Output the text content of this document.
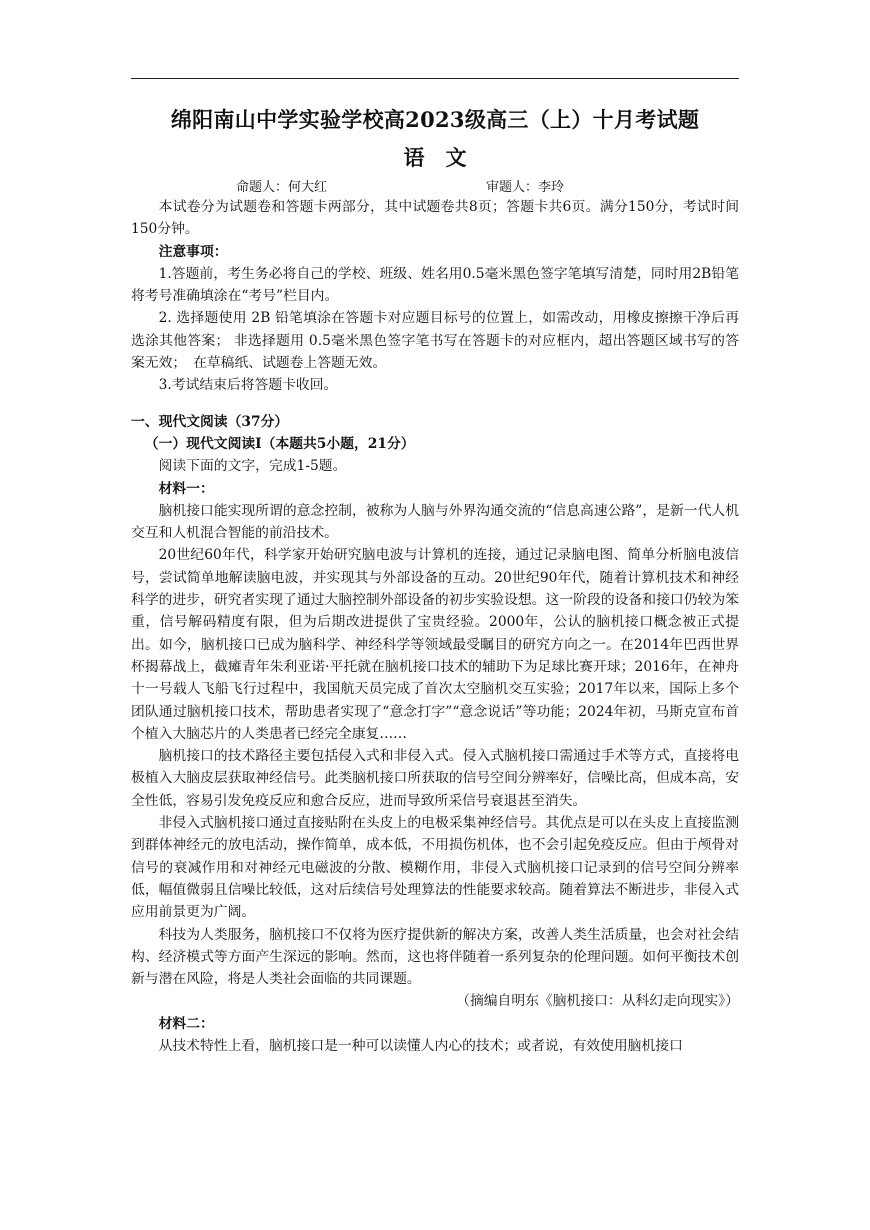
绵阳南山中学实验学校高2023级高三（上）十月考试题
语　文
命题人：何大红	审题人：李玲

本试卷分为试题卷和答题卡两部分，其中试题卷共8页；答题卡共6页。满分150分，考试时间150分钟。

注意事项：

1.答题前，考生务必将自己的学校、班级、姓名用0.5毫米黑色签字笔填写清楚，同时用2B铅笔将考号准确填涂在“考号”栏目内。

2. 选择题使用 2B 铅笔填涂在答题卡对应题目标号的位置上，如需改动，用橡皮擦擦干净后再选涂其他答案； 非选择题用 0.5毫米黑色签字笔书写在答题卡的对应框内，超出答题区域书写的答案无效；　在草稿纸、试题卷上答题无效。

3.考试结束后将答题卡收回。

一、现代文阅读（37分）

（一）现代文阅读Ⅰ（本题共5小题，21分）

阅读下面的文字，完成1-5题。

材料一：

脑机接口能实现所谓的意念控制，被称为人脑与外界沟通交流的“信息高速公路”，是新一代人机交互和人机混合智能的前沿技术。

20世纪60年代，科学家开始研究脑电波与计算机的连接，通过记录脑电图、简单分析脑电波信号，尝试简单地解读脑电波，并实现其与外部设备的互动。20世纪90年代，随着计算机技术和神经科学的进步，研究者实现了通过大脑控制外部设备的初步实验设想。这一阶段的设备和接口仍较为笨重，信号解码精度有限，但为后期改进提供了宝贵经验。2000年，公认的脑机接口概念被正式提出。如今，脑机接口已成为脑科学、神经科学等领域最受瞩目的研究方向之一。在2014年巴西世界杯揭幕战上，截瘫青年朱利亚诺·平托就在脑机接口技术的辅助下为足球比赛开球；2016年，在神舟十一号载人飞船飞行过程中，我国航天员完成了首次太空脑机交互实验；2017年以来，国际上多个团队通过脑机接口技术，帮助患者实现了“意念打字”“意念说话”等功能；2024年初，马斯克宣布首个植入大脑芯片的人类患者已经完全康复……

脑机接口的技术路径主要包括侵入式和非侵入式。侵入式脑机接口需通过手术等方式，直接将电极植入大脑皮层获取神经信号。此类脑机接口所获取的信号空间分辨率好，信噪比高，但成本高，安全性低，容易引发免疫反应和愈合反应，进而导致所采信号衰退甚至消失。

非侵入式脑机接口通过直接贴附在头皮上的电极采集神经信号。其优点是可以在头皮上直接监测到群体神经元的放电活动，操作简单，成本低，不用损伤机体，也不会引起免疫反应。但由于颅骨对信号的衰减作用和对神经元电磁波的分散、模糊作用，非侵入式脑机接口记录到的信号空间分辨率低，幅值微弱且信噪比较低，这对后续信号处理算法的性能要求较高。随着算法不断进步，非侵入式应用前景更为广阔。

科技为人类服务，脑机接口不仅将为医疗提供新的解决方案，改善人类生活质量，也会对社会结构、经济模式等方面产生深远的影响。然而，这也将伴随着一系列复杂的伦理问题。如何平衡技术创新与潜在风险，将是人类社会面临的共同课题。

（摘编自明东《脑机接口：从科幻走向现实》）

材料二：

从技术特性上看，脑机接口是一种可以读懂人内心的技术；或者说，有效使用脑机接口
